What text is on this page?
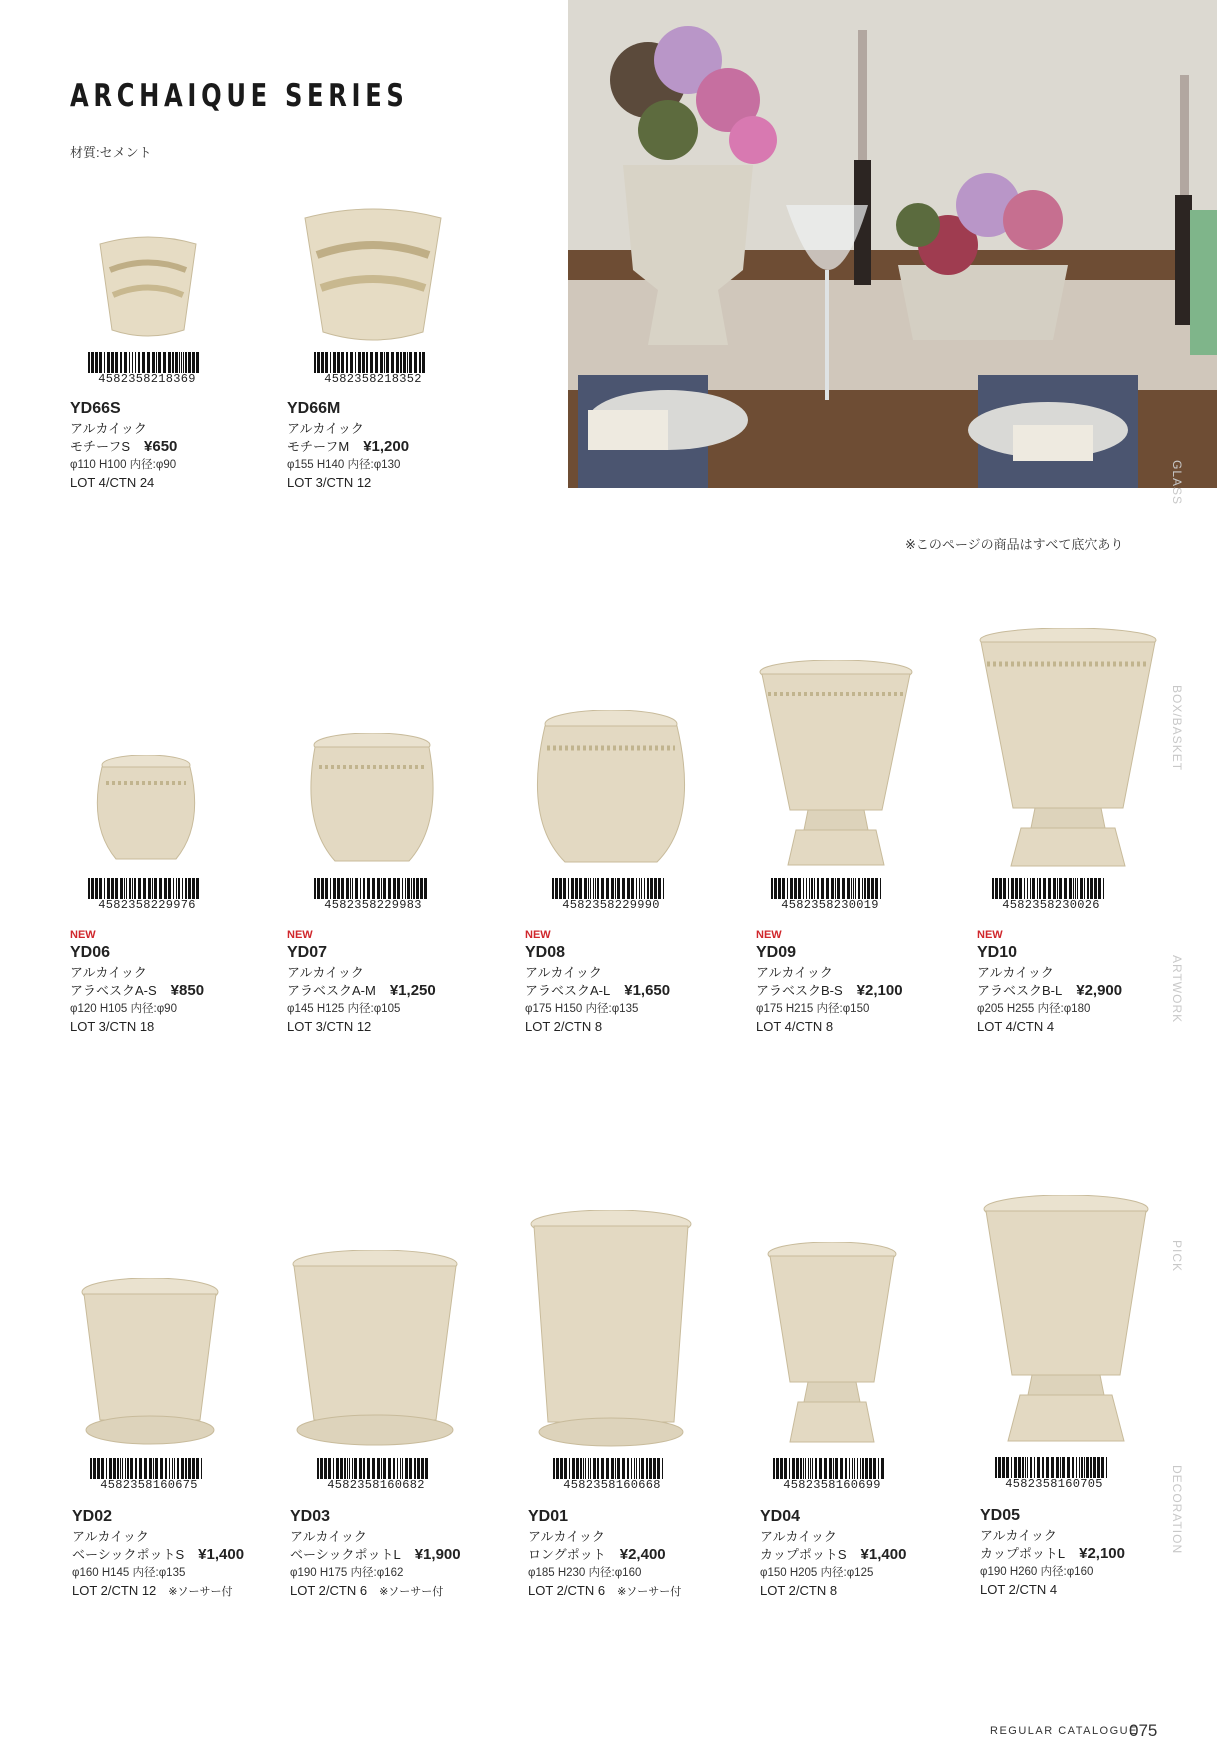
ARCHAIQUE SERIES
材質:セメント
※このページの商品はすべて底穴あり
GLASS
BOX/BASKET
ARTWORK
PICK
DECORATION
4582358218369
YD66S
アルカイック
モチーフS ¥650
φ110 H100 内径:φ90
LOT 4/CTN 24
4582358218352
YD66M
アルカイック
モチーフM ¥1,200
φ155 H140 内径:φ130
LOT 3/CTN 12
4582358229976
NEW
YD06
アルカイック
アラベスクA-S ¥850
φ120 H105 内径:φ90
LOT 3/CTN 18
4582358229983
NEW
YD07
アルカイック
アラベスクA-M ¥1,250
φ145 H125 内径:φ105
LOT 3/CTN 12
4582358229990
NEW
YD08
アルカイック
アラベスクA-L ¥1,650
φ175 H150 内径:φ135
LOT 2/CTN 8
4582358230019
NEW
YD09
アルカイック
アラベスクB-S ¥2,100
φ175 H215 内径:φ150
LOT 4/CTN 8
4582358230026
NEW
YD10
アルカイック
アラベスクB-L ¥2,900
φ205 H255 内径:φ180
LOT 4/CTN 4
4582358160675
YD02
アルカイック
ベーシックポットS ¥1,400
φ160 H145 内径:φ135
LOT 2/CTN 12 ※ソーサー付
4582358160682
YD03
アルカイック
ベーシックポットL ¥1,900
φ190 H175 内径:φ162
LOT 2/CTN 6 ※ソーサー付
4582358160668
YD01
アルカイック
ロングポット ¥2,400
φ185 H230 内径:φ160
LOT 2/CTN 6 ※ソーサー付
4582358160699
YD04
アルカイック
カップポットS ¥1,400
φ150 H205 内径:φ125
LOT 2/CTN 8
4582358160705
YD05
アルカイック
カップポットL ¥2,100
φ190 H260 内径:φ160
LOT 2/CTN 4
REGULAR CATALOGUE
075
